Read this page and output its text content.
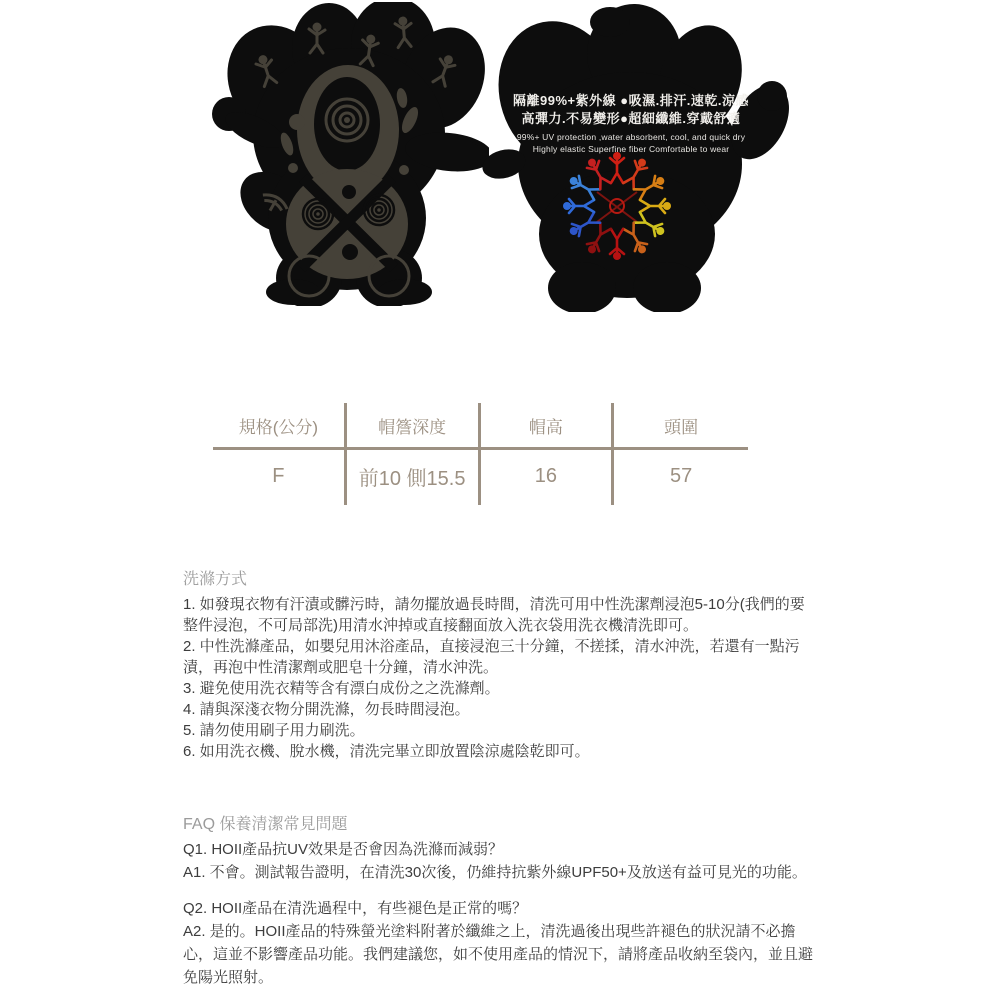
隔離99%+紫外線 ●吸濕.排汗.速乾.涼感
高彈力.不易變形●超細纖維.穿戴舒適
99%+ UV protection ,water absorbent, cool, and quick dry
Highly elastic Superfine fiber Comfortable to wear
規格(公分)	帽簷深度	帽高	頭圍
F	前10 側15.5	16	57
洗滌方式
1. 如發現衣物有汗漬或髒污時，請勿擺放過長時間，清洗可用中性洗潔劑浸泡5-10分(我們的要整件浸泡，不可局部洗)用清水沖掉或直接翻面放入洗衣袋用洗衣機清洗即可。
2. 中性洗滌產品，如嬰兒用沐浴產品，直接浸泡三十分鐘，不搓揉，清水沖洗，若還有一點污漬，再泡中性清潔劑或肥皂十分鐘，清水沖洗。
3. 避免使用洗衣精等含有漂白成份之之洗滌劑。
4. 請與深淺衣物分開洗滌，勿長時間浸泡。
5. 請勿使用刷子用力刷洗。
6. 如用洗衣機、脫水機，清洗完畢立即放置陰涼處陰乾即可。
FAQ 保養清潔常見問題
Q1. HOII產品抗UV效果是否會因為洗滌而減弱？
A1. 不會。測試報告證明，在清洗30次後，仍維持抗紫外線UPF50+及放送有益可見光的功能。
Q2. HOII產品在清洗過程中，有些褪色是正常的嗎？
A2. 是的。HOII產品的特殊螢光塗料附著於纖維之上，清洗過後出現些許褪色的狀況請不必擔心，這並不影響產品功能。我們建議您，如不使用產品的情況下，請將產品收納至袋內，並且避免陽光照射。
